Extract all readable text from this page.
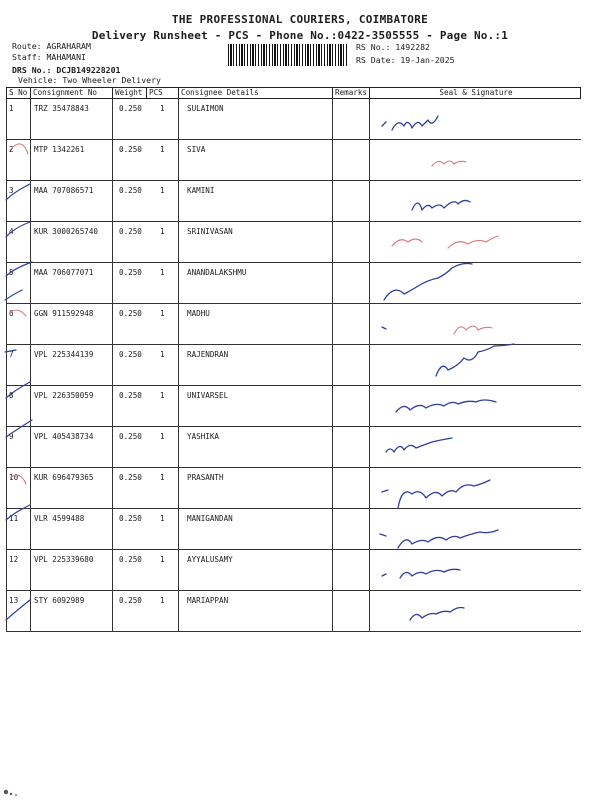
THE PROFESSIONAL COURIERS, COIMBATORE
Delivery Runsheet - PCS - Phone No.:0422-3505555 - Page No.:1
Route: AGRAHARAM
Staff: MAHAMANI
DRS No.: DCJB149228201
Vehicle: Two Wheeler Delivery
RS No.: 1492282
RS Date: 19-Jan-2025
S No	Consignment No	Weight	PCS	Consignee Details	Remarks	Seal & Signature
1	TRZ 35478843	0.250	1	SULAIMON		
2	MTP 1342261	0.250	1	SIVA		
3	MAA 707086571	0.250	1	KAMINI		
4	KUR 3000265740	0.250	1	SRINIVASAN		
5	MAA 706077071	0.250	1	ANANDALAKSHMU		
6	GGN 911592948	0.250	1	MADHU		
7	VPL 225344139	0.250	1	RAJENDRAN		
8	VPL 226350059	0.250	1	UNIVARSEL		
9	VPL 405438734	0.250	1	YASHIKA		
10	KUR 696479365	0.250	1	PRASANTH		
11	VLR 4599488	0.250	1	MANIGANDAN		
12	VPL 225339680	0.250	1	AYYALUSAMY		
13	STY 6092989	0.250	1	MARIAPPAN		
